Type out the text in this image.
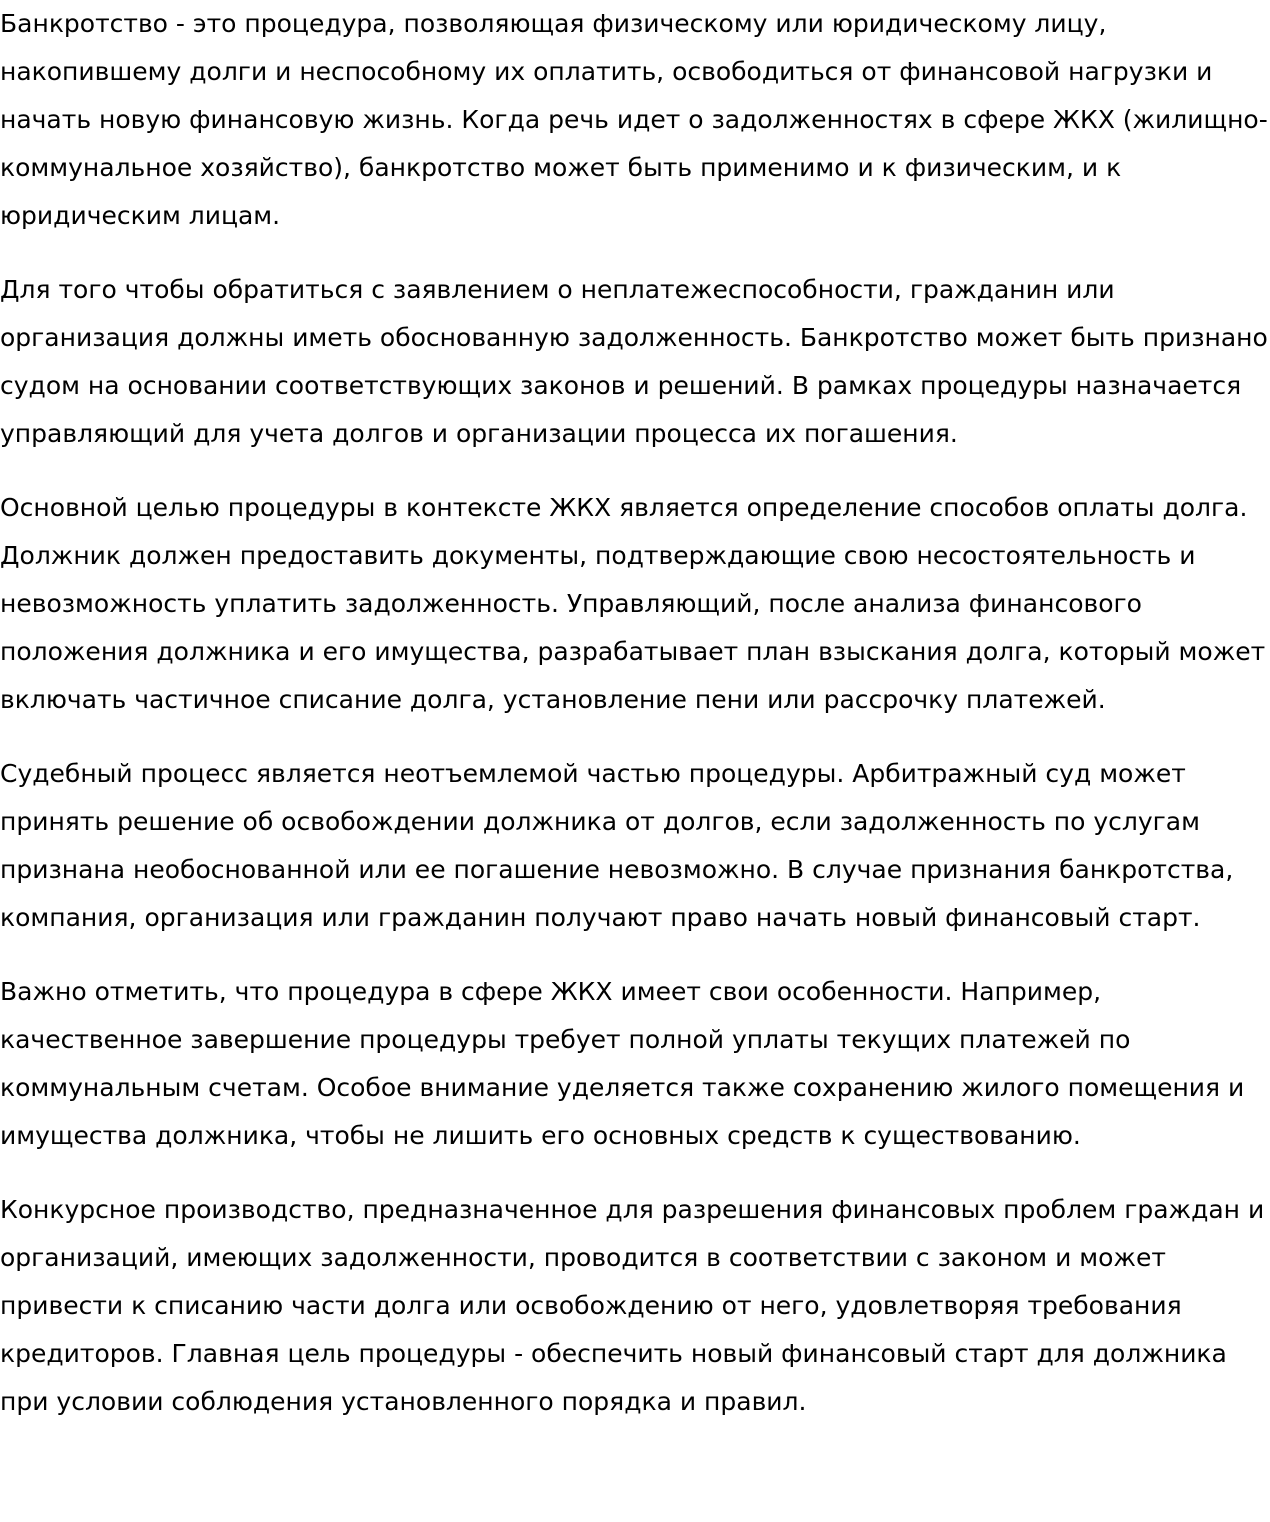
Банкротство - это процедура, позволяющая физическому или юридическому лицу, накопившему долги и неспособному их оплатить, освободиться от финансовой нагрузки и начать новую финансовую жизнь. Когда речь идет о задолженностях в сфере ЖКХ (жилищно-коммунальное хозяйство), банкротство может быть применимо и к физическим, и к юридическим лицам.

Для того чтобы обратиться с заявлением о неплатежеспособности, гражданин или организация должны иметь обоснованную задолженность. Банкротство может быть признано судом на основании соответствующих законов и решений. В рамках процедуры назначается управляющий для учета долгов и организации процесса их погашения.

Основной целью процедуры в контексте ЖКХ является определение способов оплаты долга. Должник должен предоставить документы, подтверждающие свою несостоятельность и невозможность уплатить задолженность. Управляющий, после анализа финансового положения должника и его имущества, разрабатывает план взыскания долга, который может включать частичное списание долга, установление пени или рассрочку платежей.

Судебный процесс является неотъемлемой частью процедуры. Арбитражный суд может принять решение об освобождении должника от долгов, если задолженность по услугам признана необоснованной или ее погашение невозможно. В случае признания банкротства, компания, организация или гражданин получают право начать новый финансовый старт.

Важно отметить, что процедура в сфере ЖКХ имеет свои особенности. Например, качественное завершение процедуры требует полной уплаты текущих платежей по коммунальным счетам. Особое внимание уделяется также сохранению жилого помещения и имущества должника, чтобы не лишить его основных средств к существованию.

Конкурсное производство, предназначенное для разрешения финансовых проблем граждан и организаций, имеющих задолженности, проводится в соответствии с законом и может привести к списанию части долга или освобождению от него, удовлетворяя требования кредиторов. Главная цель процедуры - обеспечить новый финансовый старт для должника при условии соблюдения установленного порядка и правил.
